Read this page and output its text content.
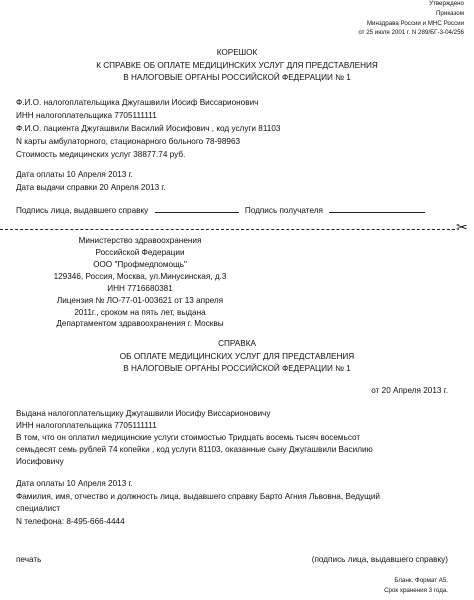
Утверждено
Приказом
Минздрава России и МНС России
от 25 июля 2001 г. N 289/БГ-3-04/256
КОРЕШОК
К СПРАВКЕ ОБ ОПЛАТЕ МЕДИЦИНСКИХ УСЛУГ ДЛЯ ПРЕДСТАВЛЕНИЯ
В НАЛОГОВЫЕ ОРГАНЫ РОССИЙСКОЙ ФЕДЕРАЦИИ № 1
Ф.И.О. налогоплательщика Джугашвили Иосиф Виссарионович
ИНН налогоплательщика 7705111111
Ф.И.О. пациента Джугашвили Василий Иосифович , код услуги 81103
N карты амбулаторного, стационарного больного 78-98963
Стоимость медицинских услуг 38877.74 руб.
Дата оплаты 10 Апреля 2013 г.
Дата выдачи справки 20 Апреля 2013 г.
Подпись лица, выдавшего справку	Подпись получателя
✂
Министерство здравоохранения
Российской Федерации
ООО "Профмедпомощь"
129346, Россия, Москва, ул.Минусинская, д.3
ИНН 7716680381
Лицензия № ЛО-77-01-003621 от 13 апреля
2011г., сроком на пять лет, выдана
Департаментом здравоохранения г. Москвы
СПРАВКА
ОБ ОПЛАТЕ МЕДИЦИНСКИХ УСЛУГ ДЛЯ ПРЕДСТАВЛЕНИЯ
В НАЛОГОВЫЕ ОРГАНЫ РОССИЙСКОЙ ФЕДЕРАЦИИ № 1
от 20 Апреля 2013 г.
Выдана налогоплательщику Джугашвили Иосифу Виссарионовичу
ИНН налогоплательщика 7705111111
В том, что он оплатил медицинские услуги стоимостью Тридцать восемь тысяч восемьсот
семьдесят семь рублей 74 копейки , код услуги 81103, оказанные сыну Джугашвили Василию
Иосифовичу
Дата оплаты 10 Апреля 2013 г.
Фамилия, имя, отчество и должность лица, выдавшего справку Барто Агния Львовна, Ведущий
специалист
N телефона: 8-495-666-4444
печать	(подпись лица, выдавшего справку)
Бланк. Формат А5.
Срок хранения 3 года.
